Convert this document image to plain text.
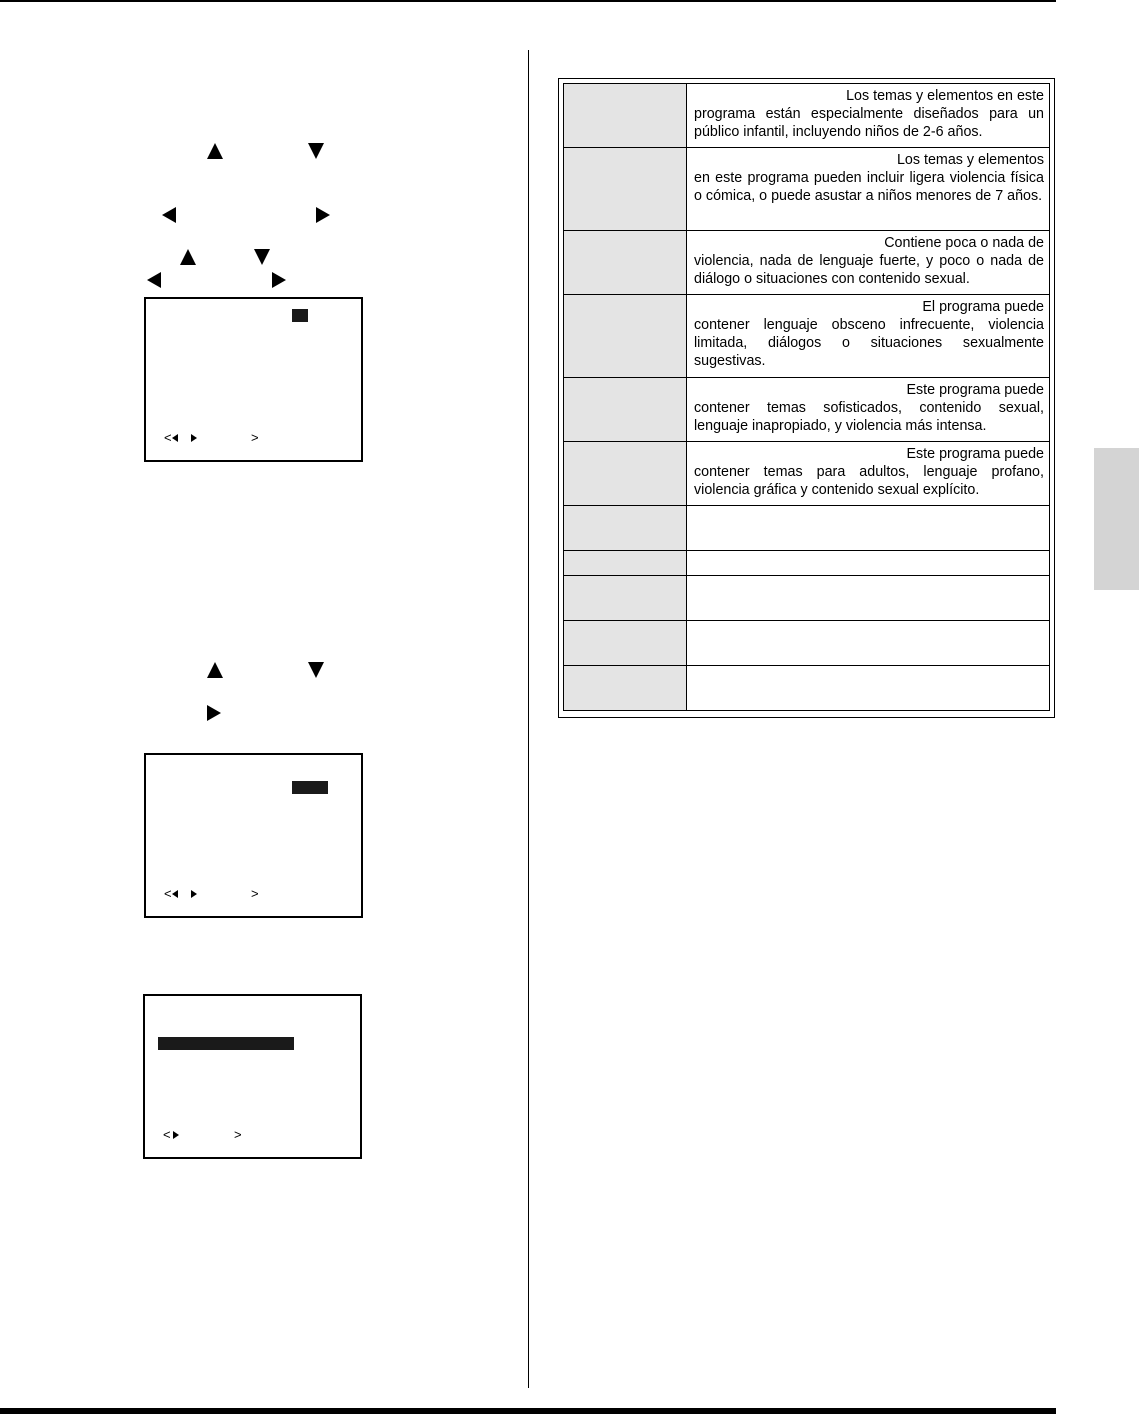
<	>
<	>
<	>

	Los temas y elementos en este
programa están especialmente diseñados para un público infantil, incluyendo niños de 2-6 años.

	Los temas y elementos
en este programa pueden incluir ligera violencia física o cómica, o puede asustar a niños menores de 7 años.

	Contiene poca o nada de
violencia, nada de lenguaje fuerte, y poco o nada de diálogo o situaciones con contenido sexual.

	El programa puede
contener lenguaje obsceno infrecuente, violencia limitada, diálogos o situaciones sexualmente sugestivas.

	Este programa puede
contener temas sofisticados, contenido sexual, lenguaje inapropiado, y violencia más intensa.

	Este programa puede
contener temas para adultos, lenguaje profano, violencia gráfica y contenido sexual explícito.
